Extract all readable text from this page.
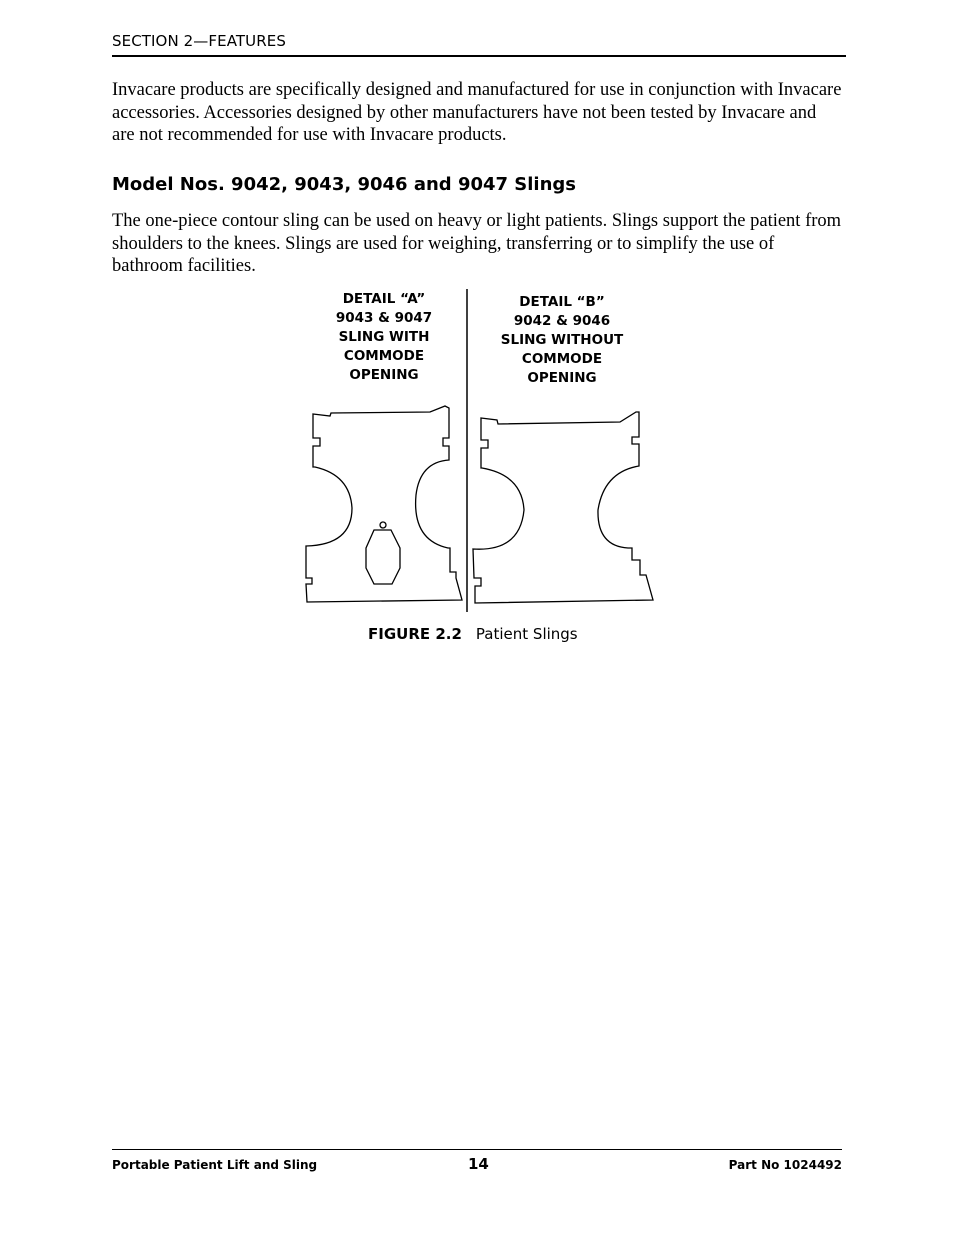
SECTION 2—FEATURES

Invacare products are specifically designed and manufactured for use in conjunction with Invacare accessories. Accessories designed by other manufacturers have not been tested by Invacare and are not recommended for use with Invacare products.

Model Nos. 9042, 9043, 9046 and 9047 Slings

The one-piece contour sling can be used on heavy or light patients. Slings support the patient from shoulders to the knees. Slings are used for weighing, transferring or to simplify the use of bathroom facilities.

DETAIL “A”
9043 & 9047
SLING WITH
COMMODE
OPENING
DETAIL “B”
9042 & 9046
SLING WITHOUT
COMMODE
OPENING
FIGURE 2.2 Patient Slings
Portable Patient Lift and Sling	14	Part No 1024492
